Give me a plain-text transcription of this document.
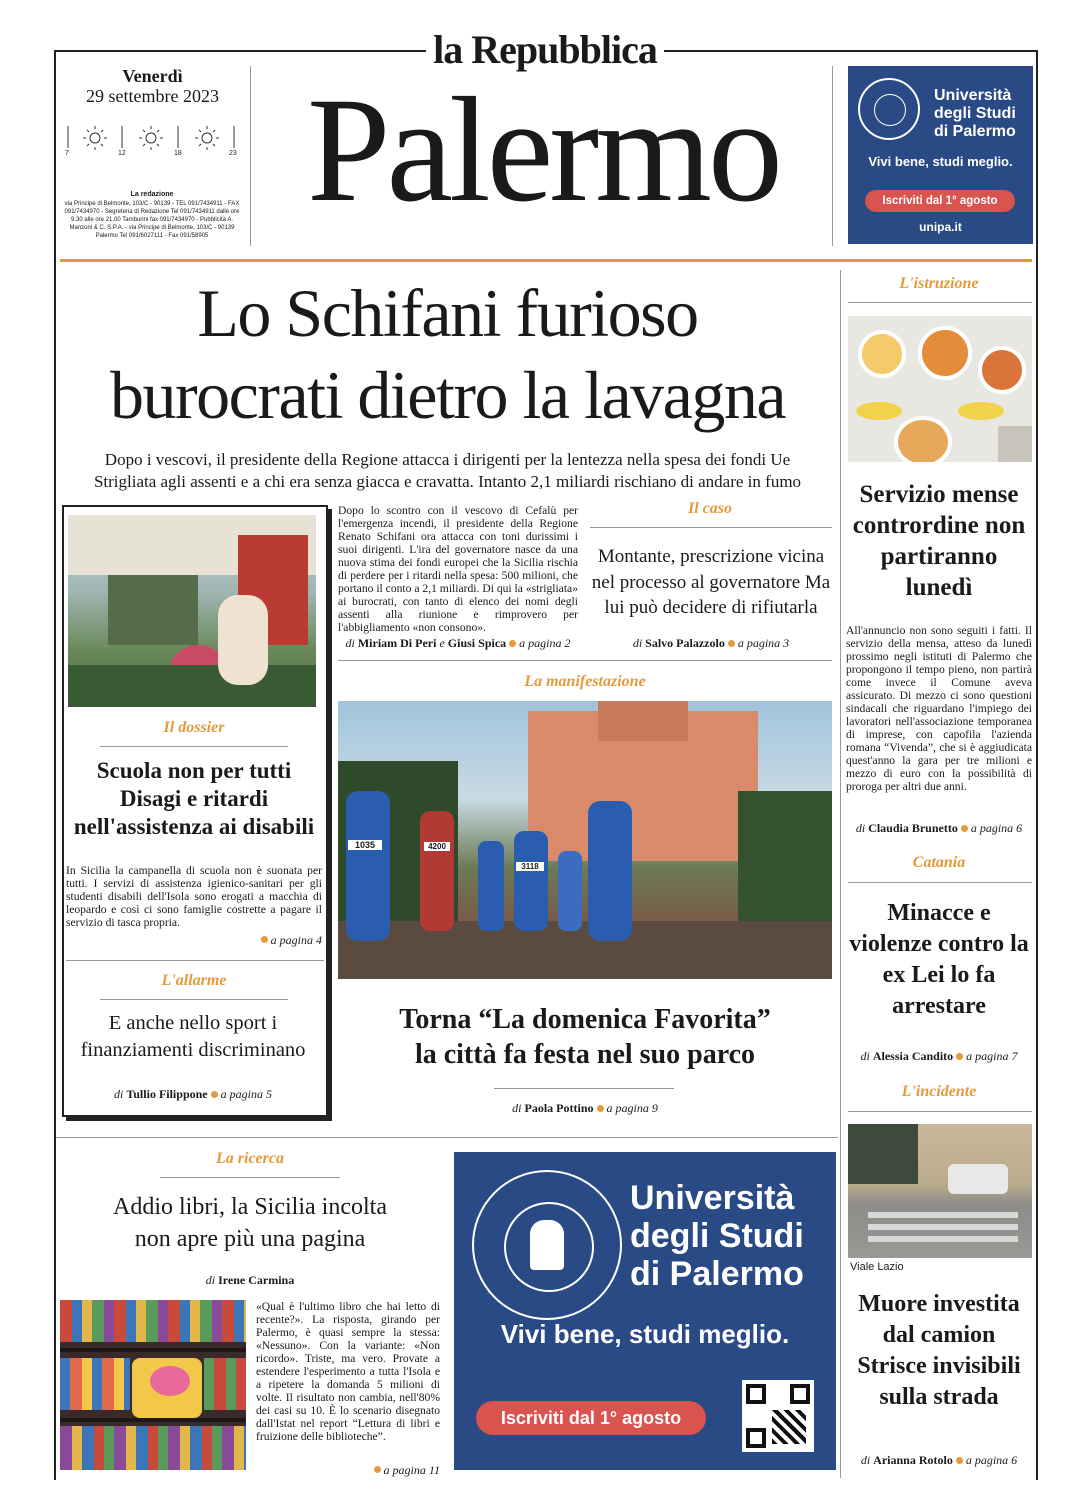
la Repubblica
Venerdì
29 settembre 2023
7	12	18	23
La redazione
via Principe di Belmonte, 103/C - 90139 - TEL 091/7434911 - FAX 091/7434970 - Segreteria di Redazione Tel 091/7434911 dalle ore 9.30 alle ore 21.00 Tamburini fax 091/7434970 - Pubblicità A. Manzoni & C. S.P.A. - via Principe di Belmonte, 103/C - 90139 Palermo Tel 091/6027111 - Fax 091/58905
Palermo	Università
degli Studi
di Palermo
Vivi bene, studi meglio.
Iscriviti dal 1° agosto
unipa.it
Lo Schifani furioso
burocrati dietro la lavagna
Dopo i vescovi, il presidente della Regione attacca i dirigenti per la lentezza nella spesa dei fondi Ue
Strigliata agli assenti e a chi era senza giacca e cravatta. Intanto 2,1 miliardi rischiano di andare in fumo
Il dossier
Scuola non per tutti Disagi e ritardi nell'assistenza ai disabili
In Sicilia la campanella di scuola non è suonata per tutti. I servizi di assistenza igienico-sanitari per gli studenti disabili dell'Isola sono erogati a macchia di leopardo e così ci sono famiglie costrette a pagare il servizio di tasca propria.
a pagina 4
L'allarme
E anche nello sport i finanziamenti discriminano
di Tullio Filippone a pagina 5
Dopo lo scontro con il vescovo di Cefalù per l'emergenza incendi, il presidente della Regione Renato Schifani ora attacca con toni durissimi i suoi dirigenti. L'ira del governatore nasce da una nuova stima dei fondi europei che la Sicilia rischia di perdere per i ritardi nella spesa: 500 milioni, che portano il conto a 2,1 miliardi. Di qui la «strigliata» ai burocrati, con tanto di elenco dei nomi degli assenti alla riunione e rimprovero per l'abbigliamento «non consono».
di Miriam Di Peri e Giusi Spica a pagina 2
Il caso
Montante, prescrizione vicina nel processo al governatore Ma lui può decidere di rifiutarla
di Salvo Palazzolo a pagina 3
La manifestazione
1035	4200
3118
Torna “La domenica Favorita”
la città fa festa nel suo parco
di Paola Pottino a pagina 9
L'istruzione
Servizio mense contrordine non partiranno lunedì
All'annuncio non sono seguiti i fatti. Il servizio della mensa, atteso da lunedì prossimo negli istituti di Palermo che propongono il tempo pieno, non partirà come invece il Comune aveva assicurato. Di mezzo ci sono questioni sindacali che riguardano l'impiego dei lavoratori nell'associazione temporanea di imprese, con capofila l'azienda romana “Vivenda”, che si è aggiudicata quest'anno la gara per tre milioni e mezzo di euro con la possibilità di proroga per altri due anni.
di Claudia Brunetto a pagina 6
Catania
Minacce e violenze contro la ex Lei lo fa arrestare
di Alessia Candito a pagina 7
L'incidente
Viale Lazio
Muore investita dal camion Strisce invisibili sulla strada
di Arianna Rotolo a pagina 6
La ricerca
Addio libri, la Sicilia incolta
non apre più una pagina
di Irene Carmina
«Qual è l'ultimo libro che hai letto di recente?». La risposta, girando per Palermo, è quasi sempre la stessa: «Nessuno». Con la variante: «Non ricordo». Triste, ma vero. Provate a estendere l'esperimento a tutta l'Isola e a ripetere la domanda 5 milioni di volte. Il risultato non cambia, nell'80% dei casi su 10. È lo scenario disegnato dall'Istat nel report “Lettura di libri e fruizione delle biblioteche”.
a pagina 11
Università
degli Studi
di Palermo
Vivi bene, studi meglio.
Iscriviti dal 1° agosto
